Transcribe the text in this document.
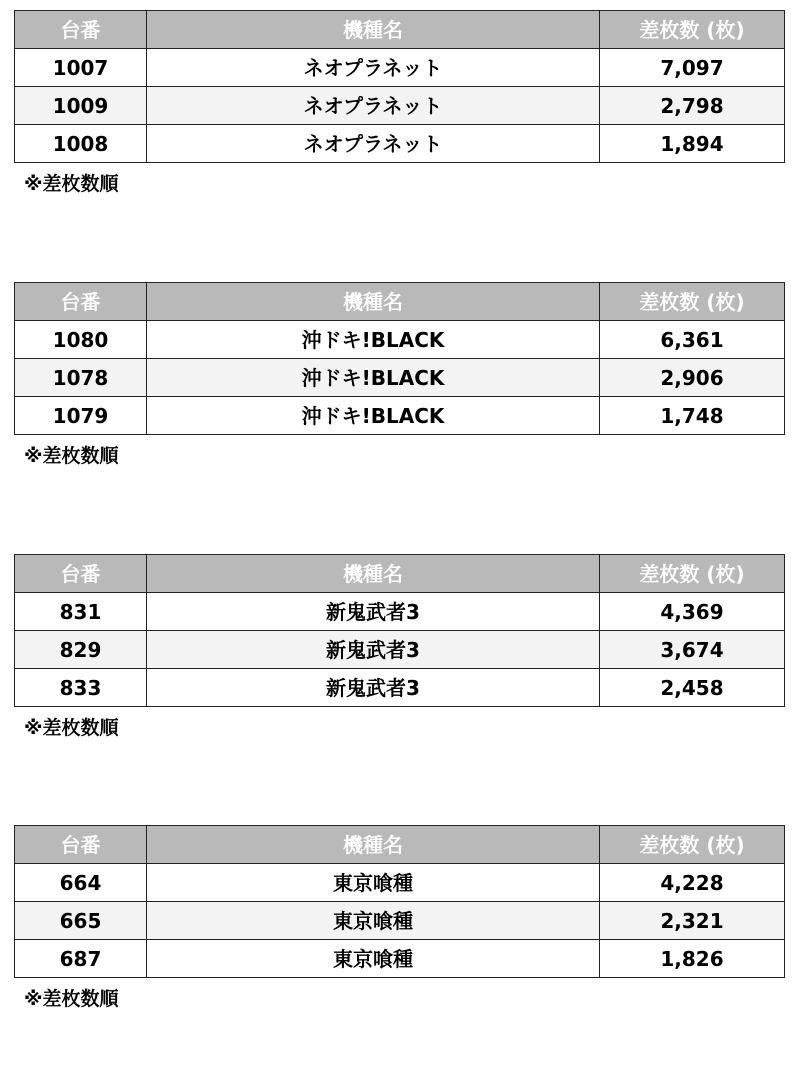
台番	機種名	差枚数 (枚)
1007	ネオプラネット	7,097
1009	ネオプラネット	2,798
1008	ネオプラネット	1,894
※差枚数順
台番	機種名	差枚数 (枚)
1080	沖ドキ!BLACK	6,361
1078	沖ドキ!BLACK	2,906
1079	沖ドキ!BLACK	1,748
※差枚数順
台番	機種名	差枚数 (枚)
831	新鬼武者3	4,369
829	新鬼武者3	3,674
833	新鬼武者3	2,458
※差枚数順
台番	機種名	差枚数 (枚)
664	東京喰種	4,228
665	東京喰種	2,321
687	東京喰種	1,826
※差枚数順
